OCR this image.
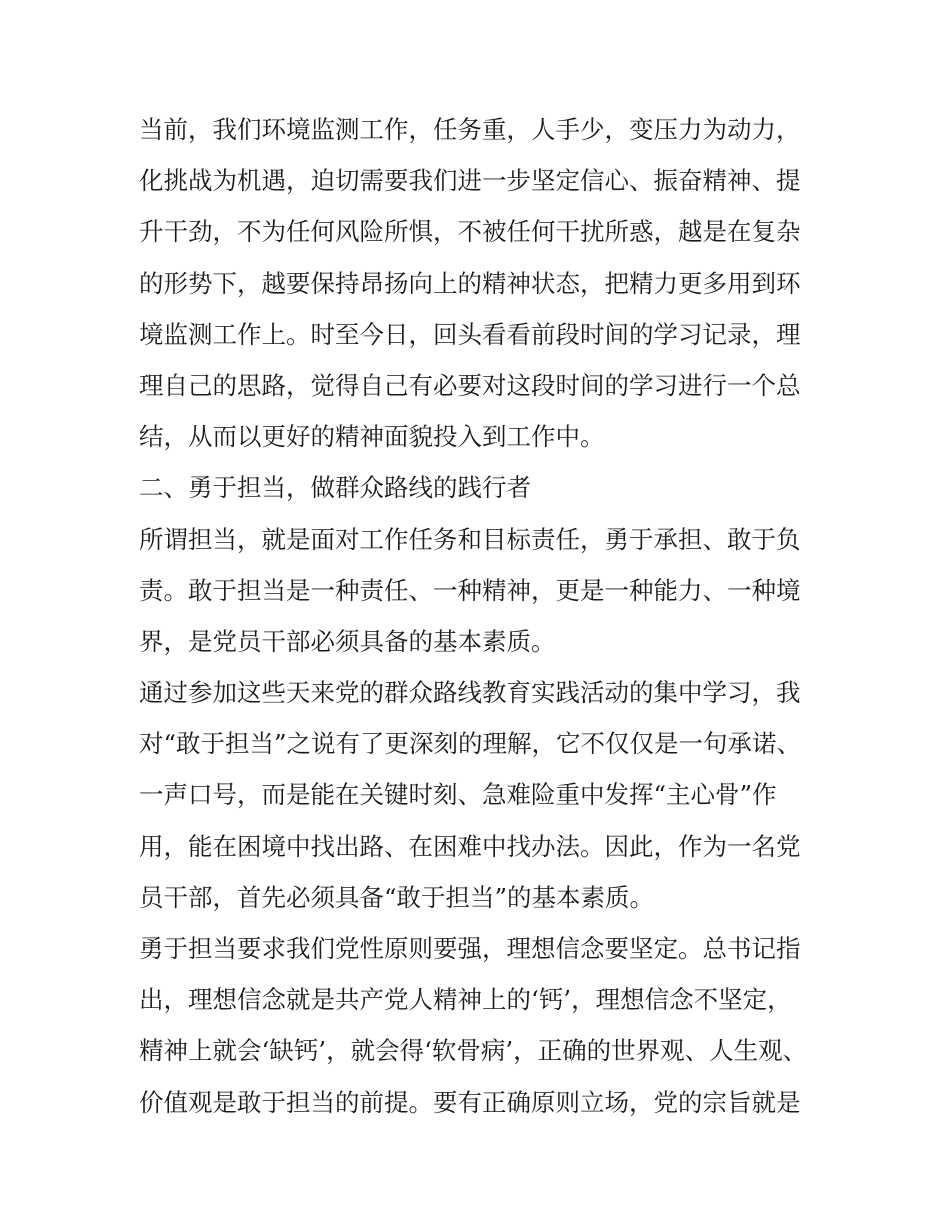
当前，我们环境监测工作，任务重，人手少，变压力为动力，
化挑战为机遇，迫切需要我们进一步坚定信心、振奋精神、提
升干劲，不为任何风险所惧，不被任何干扰所惑，越是在复杂
的形势下，越要保持昂扬向上的精神状态，把精力更多用到环
境监测工作上。时至今日，回头看看前段时间的学习记录，理
理自己的思路，觉得自己有必要对这段时间的学习进行一个总
结，从而以更好的精神面貌投入到工作中。
二、勇于担当，做群众路线的践行者
所谓担当，就是面对工作任务和目标责任，勇于承担、敢于负
责。敢于担当是一种责任、一种精神，更是一种能力、一种境
界，是党员干部必须具备的基本素质。
通过参加这些天来党的群众路线教育实践活动的集中学习，我
对“敢于担当”之说有了更深刻的理解，它不仅仅是一句承诺、
一声口号，而是能在关键时刻、急难险重中发挥“主心骨”作
用，能在困境中找出路、在困难中找办法。因此，作为一名党
员干部，首先必须具备“敢于担当”的基本素质。
勇于担当要求我们党性原则要强，理想信念要坚定。总书记指
出，理想信念就是共产党人精神上的‘钙’，理想信念不坚定，
精神上就会‘缺钙’，就会得‘软骨病’，正确的世界观、人生观、
价值观是敢于担当的前提。要有正确原则立场，党的宗旨就是
